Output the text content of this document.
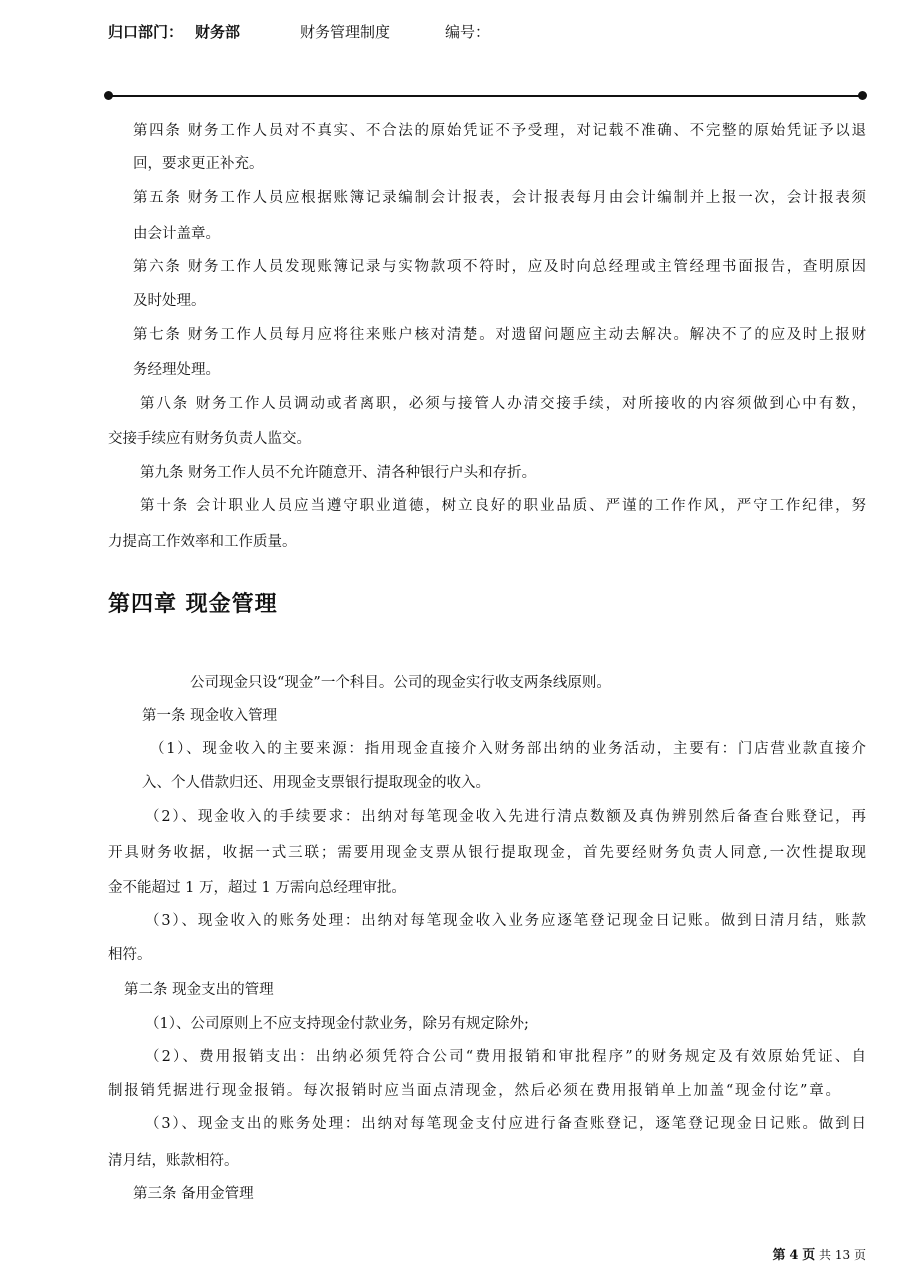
归口部门： 财务部	财务管理制度	编号：
第四条 财务工作人员对不真实、不合法的原始凭证不予受理，对记载不准确、不完整的原始凭证予以退
回，要求更正补充。
第五条 财务工作人员应根据账簿记录编制会计报表，会计报表每月由会计编制并上报一次，会计报表须
由会计盖章。
第六条 财务工作人员发现账簿记录与实物款项不符时，应及时向总经理或主管经理书面报告，查明原因
及时处理。
第七条 财务工作人员每月应将往来账户核对清楚。对遗留问题应主动去解决。解决不了的应及时上报财
务经理处理。
第八条 财务工作人员调动或者离职，必须与接管人办清交接手续，对所接收的内容须做到心中有数，
交接手续应有财务负责人监交。
第九条 财务工作人员不允许随意开、清各种银行户头和存折。
第十条 会计职业人员应当遵守职业道德，树立良好的职业品质、严谨的工作作风，严守工作纪律，努
力提高工作效率和工作质量。
第四章 现金管理
公司现金只设“现金”一个科目。公司的现金实行收支两条线原则。
第一条 现金收入管理
（1）、现金收入的主要来源：指用现金直接介入财务部出纳的业务活动，主要有：门店营业款直接介
入、个人借款归还、用现金支票银行提取现金的收入。
（2）、现金收入的手续要求：出纳对每笔现金收入先进行清点数额及真伪辨别然后备查台账登记，再
开具财务收据，收据一式三联；需要用现金支票从银行提取现金，首先要经财务负责人同意,一次性提取现
金不能超过 1 万，超过 1 万需向总经理审批。
（3）、现金收入的账务处理：出纳对每笔现金收入业务应逐笔登记现金日记账。做到日清月结，账款
相符。
第二条 现金支出的管理
（1）、公司原则上不应支持现金付款业务，除另有规定除外;
（2）、费用报销支出：出纳必须凭符合公司“费用报销和审批程序”的财务规定及有效原始凭证、自
制报销凭据进行现金报销。每次报销时应当面点清现金，然后必须在费用报销单上加盖“现金付讫”章。
（3）、现金支出的账务处理：出纳对每笔现金支付应进行备查账登记，逐笔登记现金日记账。做到日
清月结，账款相符。
第三条 备用金管理
第 4 页 共 13 页
